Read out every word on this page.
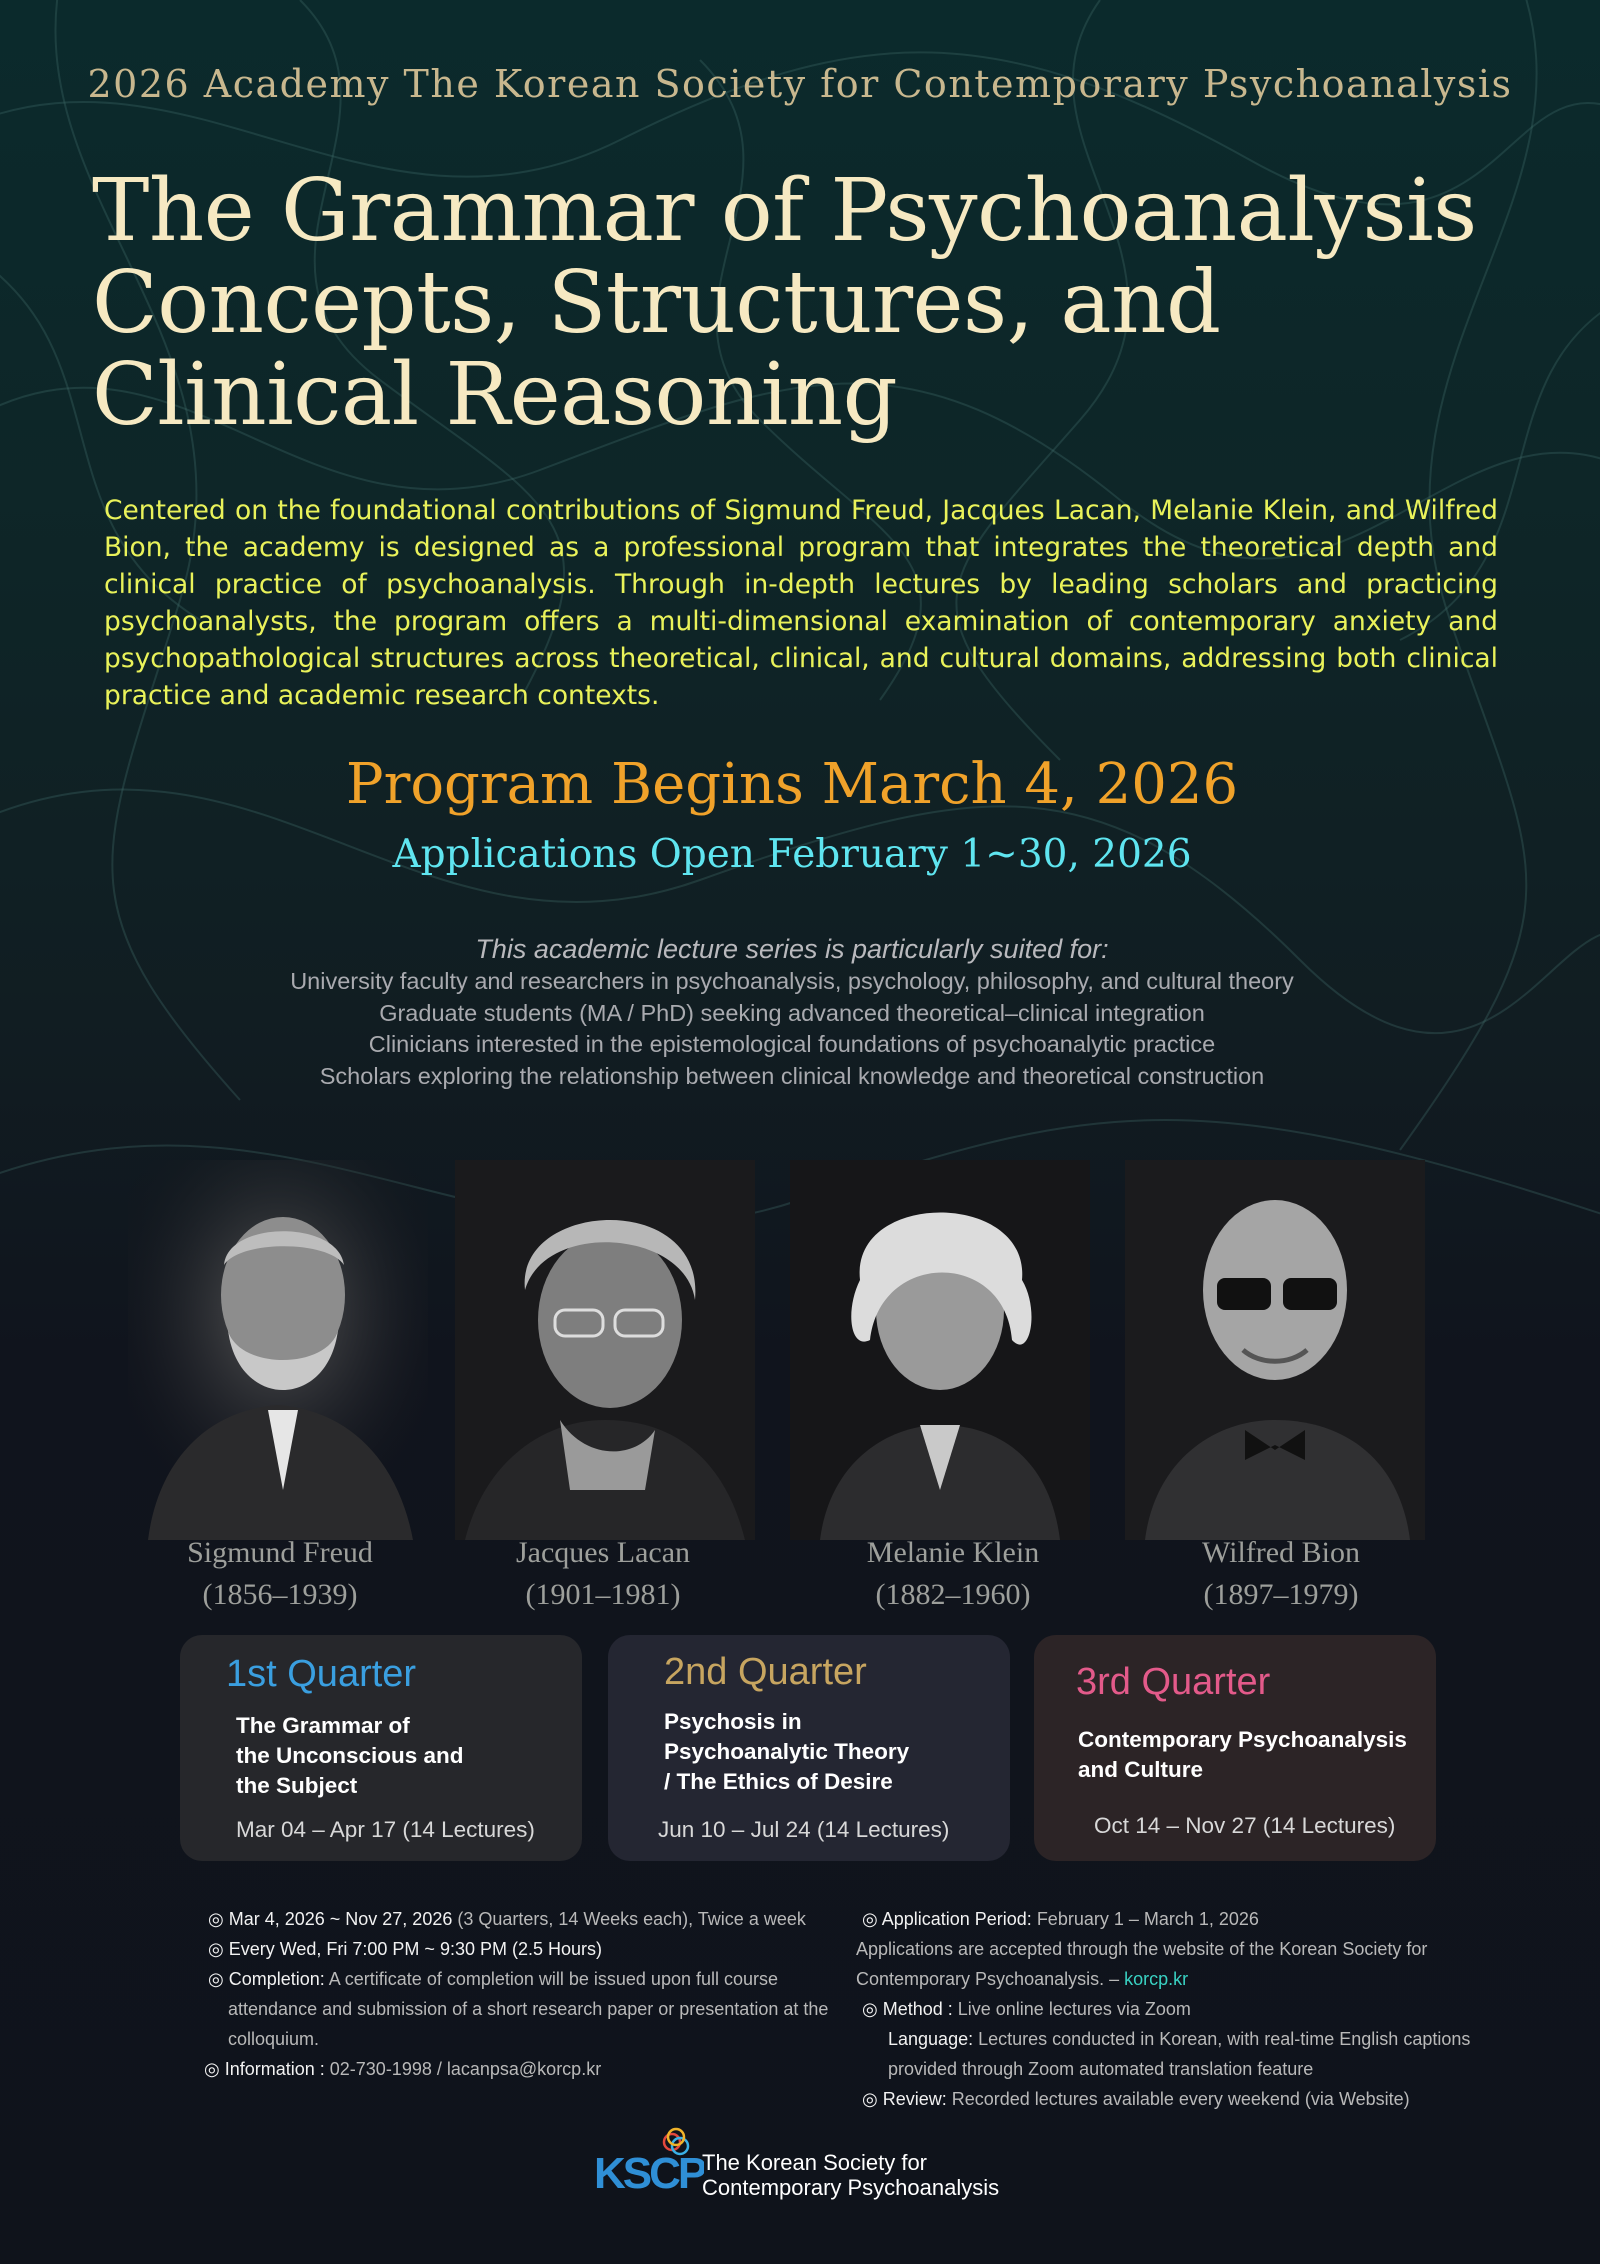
2026 Academy The Korean Society for Contemporary Psychoanalysis
The Grammar of Psychoanalysis
Concepts, Structures, and
Clinical Reasoning
Centered on the foundational contributions of Sigmund Freud, Jacques Lacan, Melanie Klein, and Wilfred Bion, the academy is designed as a professional program that integrates the theoretical depth and clinical practice of psychoanalysis. Through in-depth lectures by leading scholars and practicing psychoanalysts, the program offers a multi-dimensional examination of contemporary anxiety and psychopathological structures across theoretical, clinical, and cultural domains, addressing both clinical practice and academic research contexts.
Program Begins March 4, 2026
Applications Open February 1~30, 2026
This academic lecture series is particularly suited for:
University faculty and researchers in psychoanalysis, psychology, philosophy, and cultural theory
Graduate students (MA / PhD) seeking advanced theoretical–clinical integration
Clinicians interested in the epistemological foundations of psychoanalytic practice
Scholars exploring the relationship between clinical knowledge and theoretical construction
Sigmund Freud
(1856–1939)
Jacques Lacan
(1901–1981)
Melanie Klein
(1882–1960)
Wilfred Bion
(1897–1979)
1st Quarter
The Grammar of
the Unconscious and
the Subject
Mar 04 – Apr 17 (14 Lectures)
2nd Quarter
Psychosis in
Psychoanalytic Theory
/ The Ethics of Desire
Jun 10 – Jul 24 (14 Lectures)
3rd Quarter
Contemporary Psychoanalysis
and Culture
Oct 14 – Nov 27 (14 Lectures)
◎ Mar 4, 2026 ~ Nov 27, 2026 (3 Quarters, 14 Weeks each), Twice a week
◎ Every Wed, Fri 7:00 PM ~ 9:30 PM (2.5 Hours)
◎ Completion: A certificate of completion will be issued upon full course
attendance and submission of a short research paper or presentation at the
colloquium.
◎ Information : 02-730-1998 / lacanpsa@korcp.kr
◎ Application Period: February 1 – March 1, 2026
Applications are accepted through the website of the Korean Society for
Contemporary Psychoanalysis. – korcp.kr
◎ Method : Live online lectures via Zoom
Language: Lectures conducted in Korean, with real-time English captions
provided through Zoom automated translation feature
◎ Review: Recorded lectures available every weekend (via Website)
KSCP
The Korean Society for
Contemporary Psychoanalysis
